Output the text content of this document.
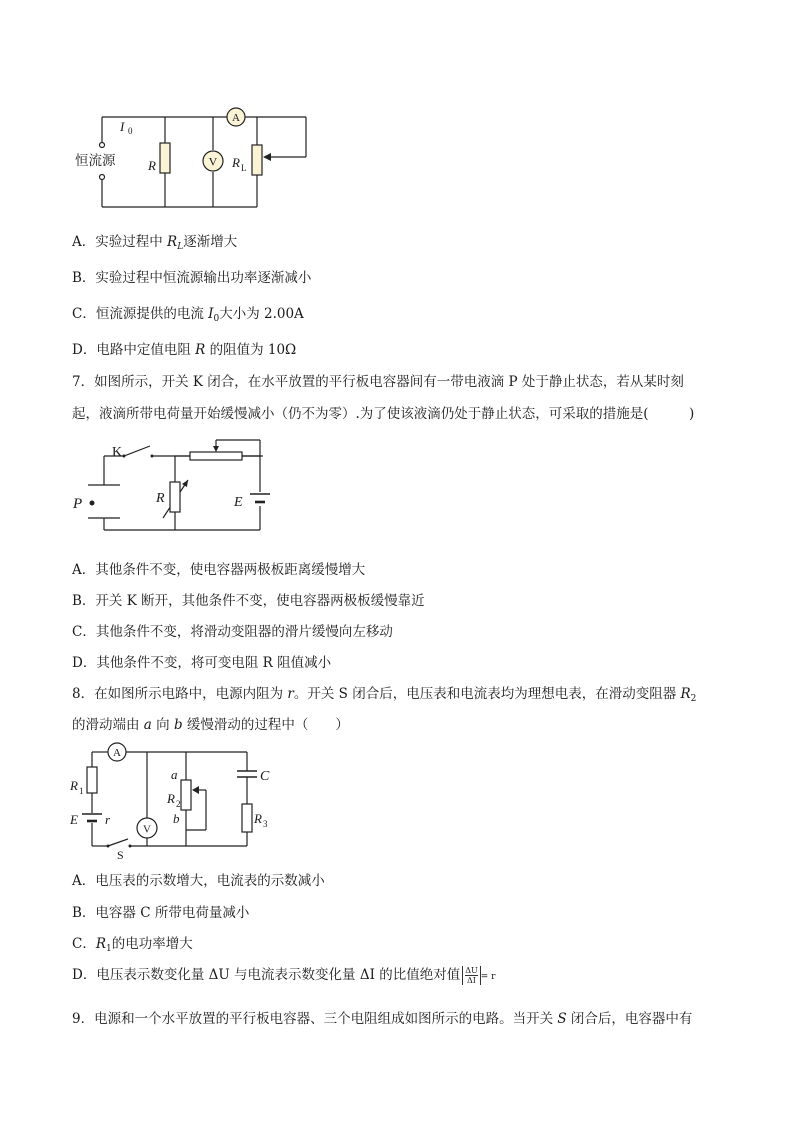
V
A
I 0
恒流源	R	R L
A．实验过程中 $R_L$逐渐增大
B．实验过程中恒流源输出功率逐渐减小
C．恒流源提供的电流 $I_0$大小为 2.00A
D．电路中定值电阻 R 的阻值为 10Ω
7．如图所示，开关 K 闭合，在水平放置的平行板电容器间有一带电液滴 P 处于静止状态，若从某时刻
起，液滴所带电荷量开始缓慢减小（仍不为零）.为了使该液滴仍处于静止状态，可采取的措施是(　　　)
K
P	R	E
A．其他条件不变，使电容器两极板距离缓慢增大
B．开关 K 断开，其他条件不变，使电容器两极板缓慢靠近
C．其他条件不变，将滑动变阻器的滑片缓慢向左移动
D．其他条件不变，将可变电阻 R 阻值减小
8．在如图所示电路中，电源内阻为 r。开关 S 闭合后，电压表和电流表均为理想电表，在滑动变阻器 $R_2$
的滑动端由 a 向 b 缓慢滑动的过程中（　　）
A
V
R 1
E r
S
a
R 2
b
C
R 3
A．电压表的示数增大，电流表的示数减小
B．电容器 C 所带电荷量减小
C．$R_1$的电功率增大
D．电压表示数变化量 ΔU 与电流表示数变化量 ΔI 的比值绝对值 $\frac{\Delta U}{\Delta I} = r$
9．电源和一个水平放置的平行板电容器、三个电阻组成如图所示的电路。当开关 S 闭合后，电容器中有
